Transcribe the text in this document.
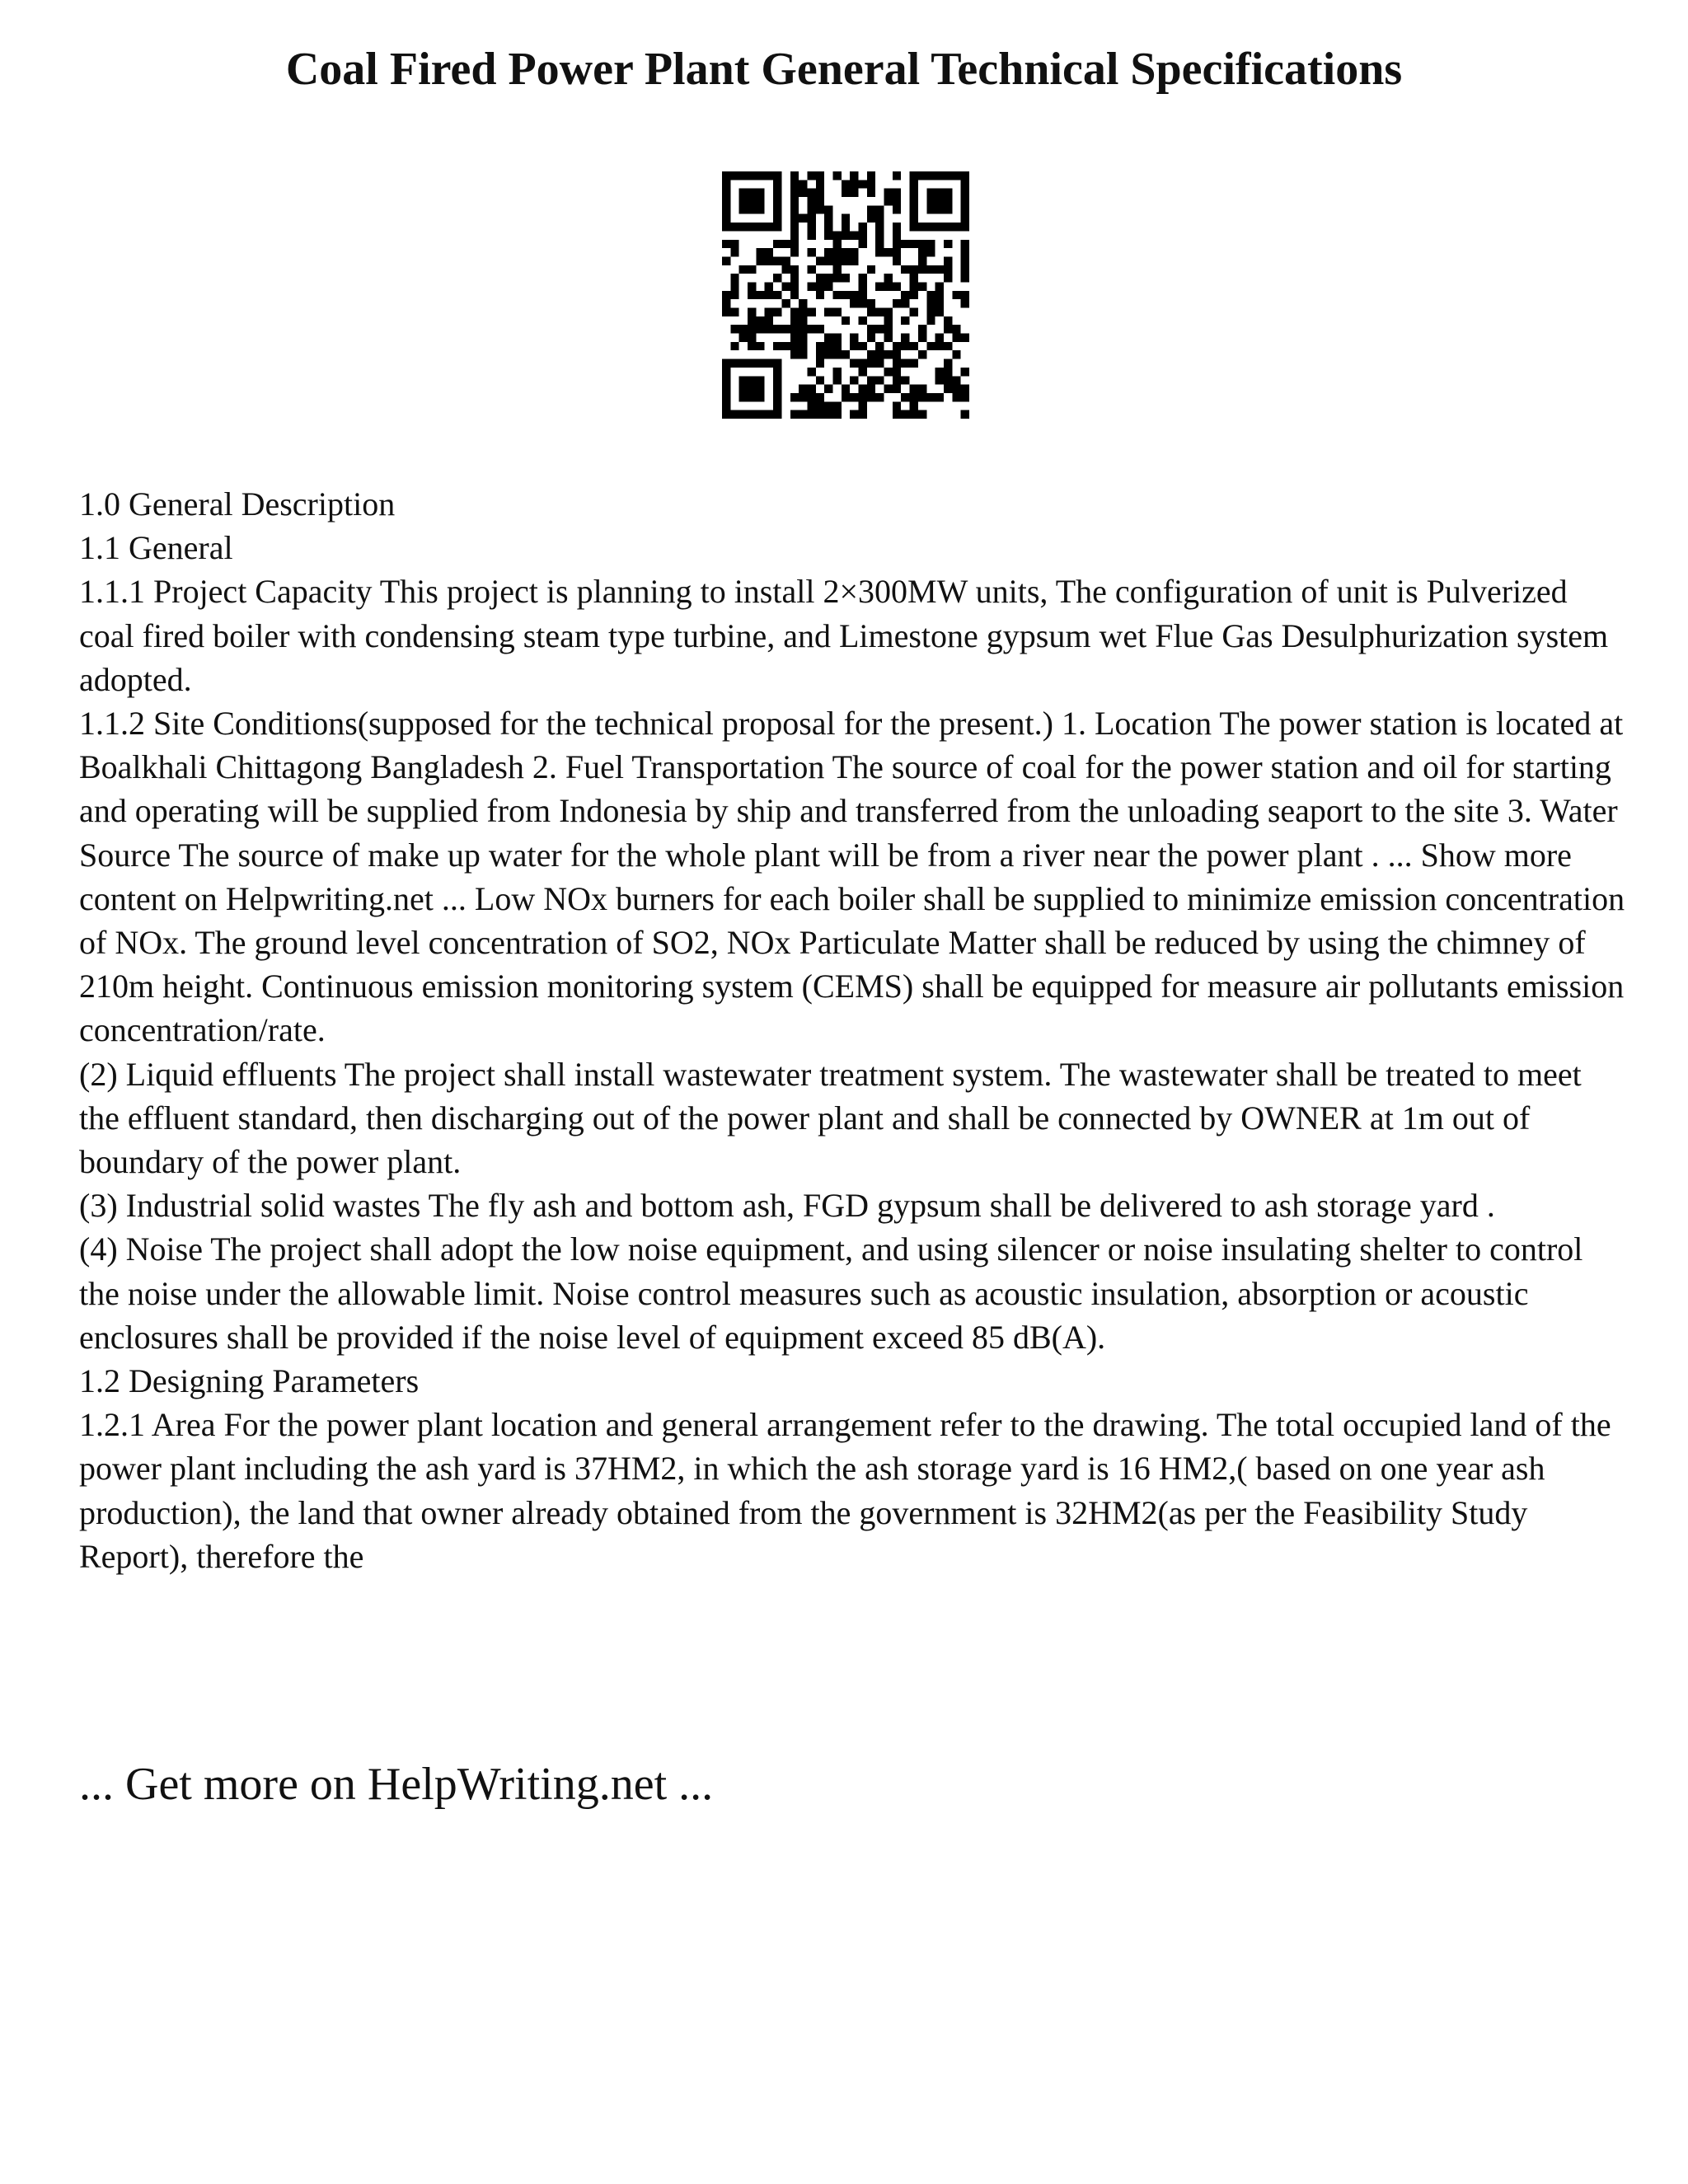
Coal Fired Power Plant General Technical Specifications

1.0 General Description

1.1 General

1.1.1 Project Capacity This project is planning to install 2×300MW units, The configuration of unit is Pulverized coal fired boiler with condensing steam type turbine, and Limestone gypsum wet Flue Gas Desulphurization system adopted.

1.1.2 Site Conditions(supposed for the technical proposal for the present.) 1. Location The power station is located at Boalkhali Chittagong Bangladesh 2. Fuel Transportation The source of coal for the power station and oil for starting and operating will be supplied from Indonesia by ship and transferred from the unloading seaport to the site 3. Water Source The source of make up water for the whole plant will be from a river near the power plant . ... Show more content on Helpwriting.net ... Low NOx burners for each boiler shall be supplied to minimize emission concentration of NOx. The ground level concentration of SO2, NOx Particulate Matter shall be reduced by using the chimney of 210m height. Continuous emission monitoring system (CEMS) shall be equipped for measure air pollutants emission concentration/rate.

(2) Liquid effluents The project shall install wastewater treatment system. The wastewater shall be treated to meet the effluent standard, then discharging out of the power plant and shall be connected by OWNER at 1m out of boundary of the power plant.

(3) Industrial solid wastes The fly ash and bottom ash, FGD gypsum shall be delivered to ash storage yard .

(4) Noise The project shall adopt the low noise equipment, and using silencer or noise insulating shelter to control the noise under the allowable limit. Noise control measures such as acoustic insulation, absorption or acoustic enclosures shall be provided if the noise level of equipment exceed 85 dB(A).

1.2 Designing Parameters

1.2.1 Area For the power plant location and general arrangement refer to the drawing. The total occupied land of the power plant including the ash yard is 37HM2, in which the ash storage yard is 16 HM2,( based on one year ash production), the land that owner already obtained from the government is 32HM2(as per the Feasibility Study Report), therefore the

... Get more on HelpWriting.net ...
